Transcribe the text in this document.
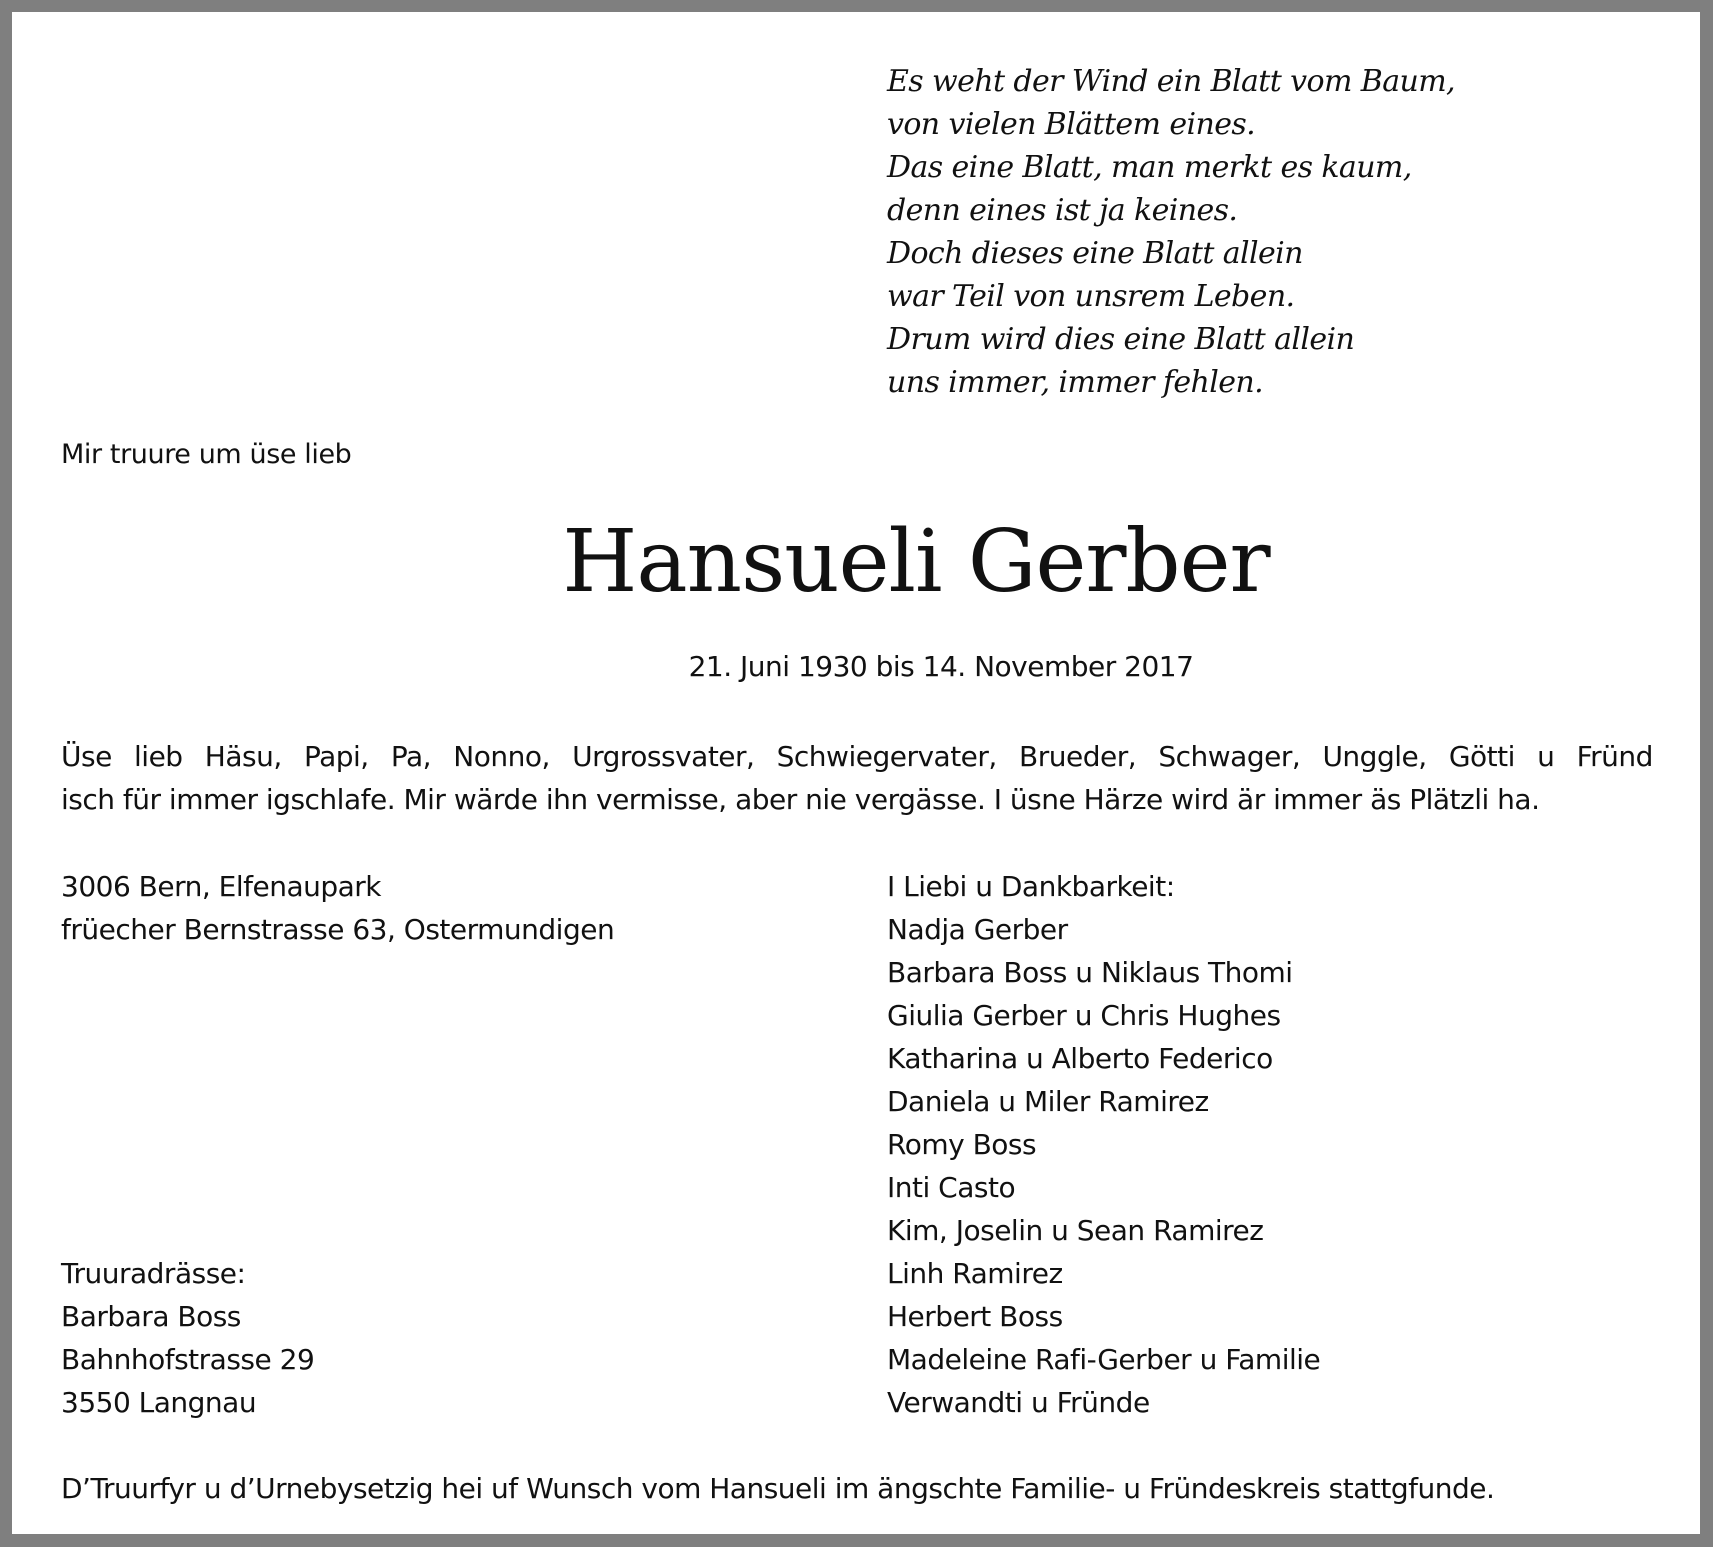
Es weht der Wind ein Blatt vom Baum,
von vielen Blättem eines.
Das eine Blatt, man merkt es kaum,
denn eines ist ja keines.
Doch dieses eine Blatt allein
war Teil von unsrem Leben.
Drum wird dies eine Blatt allein
uns immer, immer fehlen.
Mir truure um üse lieb
Hansueli Gerber
21. Juni 1930 bis 14. November 2017
Üse lieb Häsu, Papi, Pa, Nonno, Urgrossvater, Schwiegervater, Brueder, Schwager, Unggle, Götti u Fründ
isch für immer igschlafe. Mir wärde ihn vermisse, aber nie vergässe. I üsne Härze wird är immer äs Plätzli ha.
3006 Bern, Elfenaupark
früecher Bernstrasse 63, Ostermundigen
I Liebi u Dankbarkeit:
Nadja Gerber
Barbara Boss u Niklaus Thomi
Giulia Gerber u Chris Hughes
Katharina u Alberto Federico
Daniela u Miler Ramirez
Romy Boss
Inti Casto
Kim, Joselin u Sean Ramirez
Linh Ramirez
Herbert Boss
Madeleine Rafi-Gerber u Familie
Verwandti u Fründe
Truuradrässe:
Barbara Boss
Bahnhofstrasse 29
3550 Langnau
D’Truurfyr u d’Urnebysetzig hei uf Wunsch vom Hansueli im ängschte Familie- u Fründeskreis stattgfunde.
